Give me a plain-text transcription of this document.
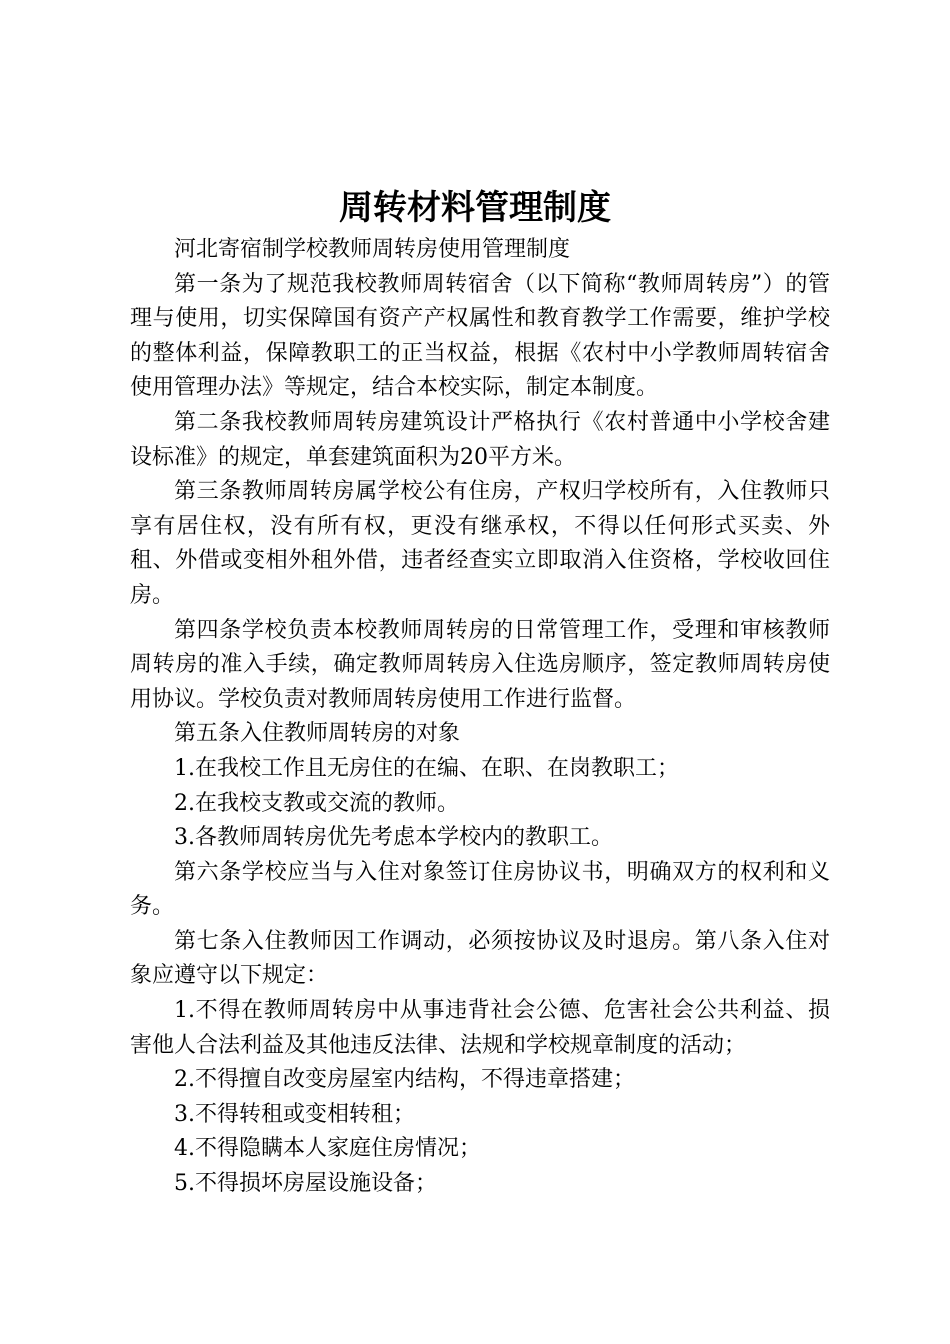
周转材料管理制度

河北寄宿制学校教师周转房使用管理制度

第一条为了规范我校教师周转宿舍（以下简称“教师周转房”）的管理与使用，切实保障国有资产产权属性和教育教学工作需要，维护学校的整体利益，保障教职工的正当权益，根据《农村中小学教师周转宿舍使用管理办法》等规定，结合本校实际，制定本制度。

第二条我校教师周转房建筑设计严格执行《农村普通中小学校舍建设标准》的规定，单套建筑面积为20平方米。

第三条教师周转房属学校公有住房，产权归学校所有，入住教师只享有居住权，没有所有权，更没有继承权，不得以任何形式买卖、外租、外借或变相外租外借，违者经查实立即取消入住资格，学校收回住房。

第四条学校负责本校教师周转房的日常管理工作，受理和审核教师周转房的准入手续，确定教师周转房入住选房顺序，签定教师周转房使用协议。学校负责对教师周转房使用工作进行监督。

第五条入住教师周转房的对象

1.在我校工作且无房住的在编、在职、在岗教职工；

2.在我校支教或交流的教师。

3.各教师周转房优先考虑本学校内的教职工。

第六条学校应当与入住对象签订住房协议书，明确双方的权利和义务。

第七条入住教师因工作调动，必须按协议及时退房。第八条入住对象应遵守以下规定：

1.不得在教师周转房中从事违背社会公德、危害社会公共利益、损害他人合法利益及其他违反法律、法规和学校规章制度的活动；

2.不得擅自改变房屋室内结构，不得违章搭建；

3.不得转租或变相转租；

4.不得隐瞒本人家庭住房情况；

5.不得损坏房屋设施设备；
